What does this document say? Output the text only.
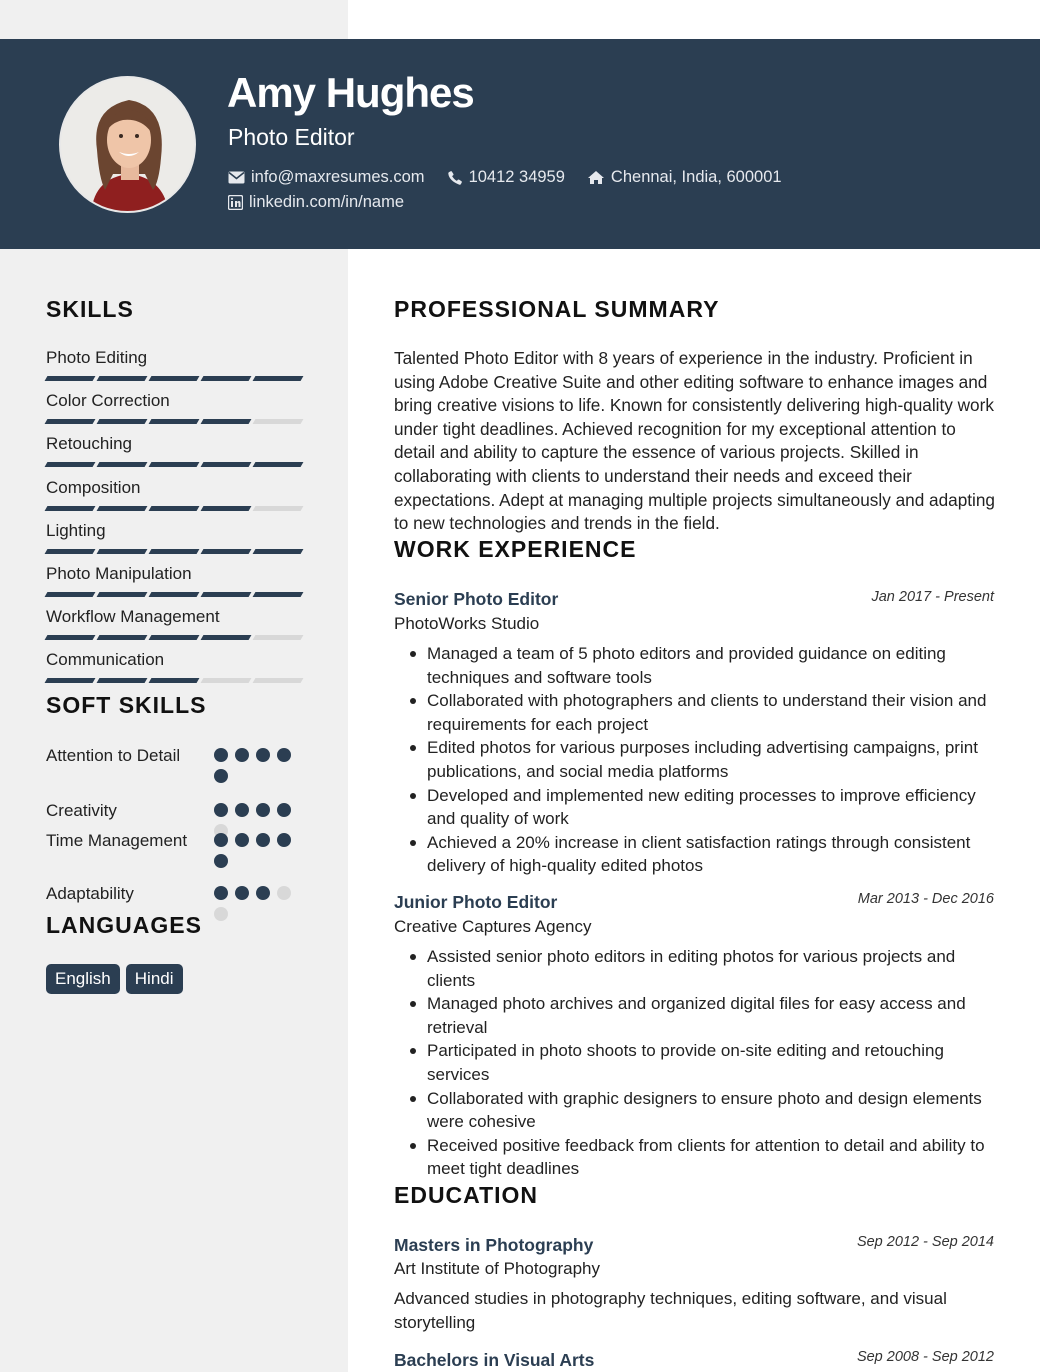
Amy Hughes
Photo Editor
info@maxresumes.com	10412 34959	Chennai, India, 600001
linkedin.com/in/name
SKILLS
Photo Editing
Color Correction
Retouching
Composition
Lighting
Photo Manipulation
Workflow Management
Communication
SOFT SKILLS
Attention to Detail
Creativity
Time Management
Adaptability
LANGUAGES
English	Hindi
PROFESSIONAL SUMMARY
Talented Photo Editor with 8 years of experience in the industry. Proficient in using Adobe Creative Suite and other editing software to enhance images and bring creative visions to life. Known for consistently delivering high-quality work under tight deadlines. Achieved recognition for my exceptional attention to detail and ability to capture the essence of various projects. Skilled in collaborating with clients to understand their needs and exceed their expectations. Adept at managing multiple projects simultaneously and adapting to new technologies and trends in the field.
WORK EXPERIENCE
Senior Photo Editor	Jan 2017 - Present
PhotoWorks Studio
Managed a team of 5 photo editors and provided guidance on editing techniques and software tools
Collaborated with photographers and clients to understand their vision and requirements for each project
Edited photos for various purposes including advertising campaigns, print publications, and social media platforms
Developed and implemented new editing processes to improve efficiency and quality of work
Achieved a 20% increase in client satisfaction ratings through consistent delivery of high-quality edited photos
Junior Photo Editor	Mar 2013 - Dec 2016
Creative Captures Agency
Assisted senior photo editors in editing photos for various projects and clients
Managed photo archives and organized digital files for easy access and retrieval
Participated in photo shoots to provide on-site editing and retouching services
Collaborated with graphic designers to ensure photo and design elements were cohesive
Received positive feedback from clients for attention to detail and ability to meet tight deadlines
EDUCATION
Masters in Photography	Sep 2012 - Sep 2014
Art Institute of Photography
Advanced studies in photography techniques, editing software, and visual storytelling
Bachelors in Visual Arts	Sep 2008 - Sep 2012
